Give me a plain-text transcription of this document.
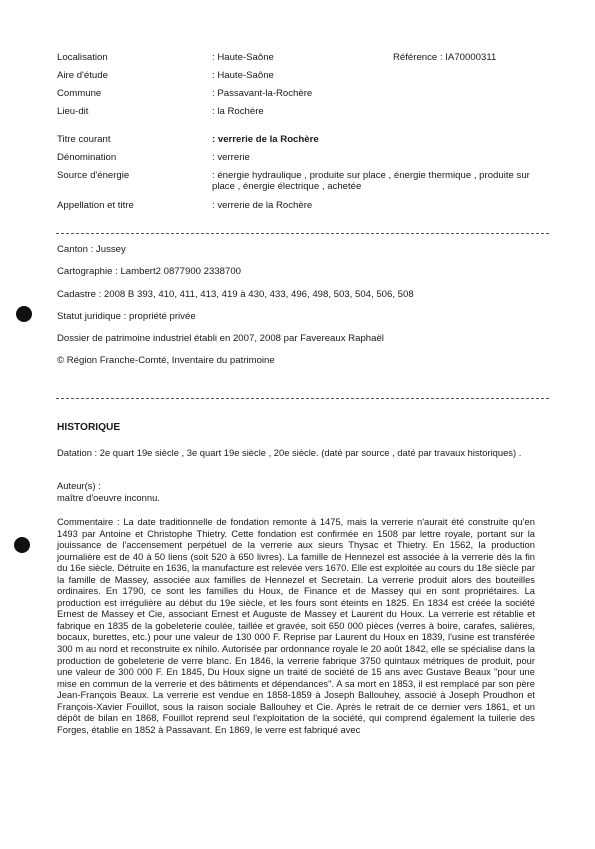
Localisation	: Haute-Saône	Référence : IA70000311
Aire d'étude	: Haute-Saône
Commune	: Passavant-la-Rochère
Lieu-dit	: la Rochère
Titre courant	: verrerie de la Rochère
Dénomination	: verrerie
Source d'énergie	: énergie hydraulique , produite sur place , énergie thermique , produite sur place , énergie électrique , achetée
Appellation et titre	: verrerie de la Rochère
Canton : Jussey
Cartographie : Lambert2 0877900 2338700
Cadastre : 2008 B 393, 410, 411, 413, 419 à 430, 433, 496, 498, 503, 504, 506, 508
Statut juridique : propriété privée
Dossier de patrimoine industriel établi en 2007, 2008 par Favereaux Raphaël
© Région Franche-Comté, Inventaire du patrimoine
HISTORIQUE
Datation : 2e quart 19e siècle , 3e quart 19e siècle , 20e siècle. (daté par source , daté par travaux historiques) .
Auteur(s) :
maître d'oeuvre inconnu.
Commentaire : La date traditionnelle de fondation remonte à 1475, mais la verrerie n'aurait été construite qu'en 1493 par Antoine et Christophe Thietry. Cette fondation est confirmée en 1508 par lettre royale, portant sur la jouissance de l'accensement perpétuel de la verrerie aux sieurs Thysac et Thietry. En 1562, la production journalière est de 40 à 50 liens (soit 520 à 650 livres). La famille de Hennezel est associée à la verrerie dès la fin du 16e siècle. Détruite en 1636, la manufacture est relevée vers 1670. Elle est exploitée au cours du 18e siècle par la famille de Massey, associée aux familles de Hennezel et Secretain. La verrerie produit alors des bouteilles ordinaires. En 1790, ce sont les familles du Houx, de Finance et de Massey qui en sont propriétaires. La production est irrégulière au début du 19e siècle, et les fours sont éteints en 1825. En 1834 est créée la société Ernest de Massey et Cie, associant Ernest et Auguste de Massey et Laurent du Houx. La verrerie est rétablie et fabrique en 1835 de la gobeleterie coulée, taillée et gravée, soit 650 000 pièces (verres à boire, carafes, salières, bocaux, burettes, etc.) pour une valeur de 130 000 F. Reprise par Laurent du Houx en 1839, l'usine est transférée 300 m au nord et reconstruite ex nihilo. Autorisée par ordonnance royale le 20 août 1842, elle se spécialise dans la production de gobeleterie de verre blanc. En 1846, la verrerie fabrique 3750 quintaux métriques de produit, pour une valeur de 300 000 F. En 1845, Du Houx signe un traité de société de 15 ans avec Gustave Beaux "pour une mise en commun de la verrerie et des bâtiments et dépendances". A sa mort en 1853, il est remplacé par son père Jean-François Beaux. La verrerie est vendue en 1858-1859 à Joseph Ballouhey, associé à Joseph Proudhon et François-Xavier Fouillot, sous la raison sociale Ballouhey et Cie. Après le retrait de ce dernier vers 1861, et un dépôt de bilan en 1868, Fouillot reprend seul l'exploitation de la société, qui comprend également la tuilerie des Forges, établie en 1852 à Passavant. En 1869, le verre est fabriqué avec
